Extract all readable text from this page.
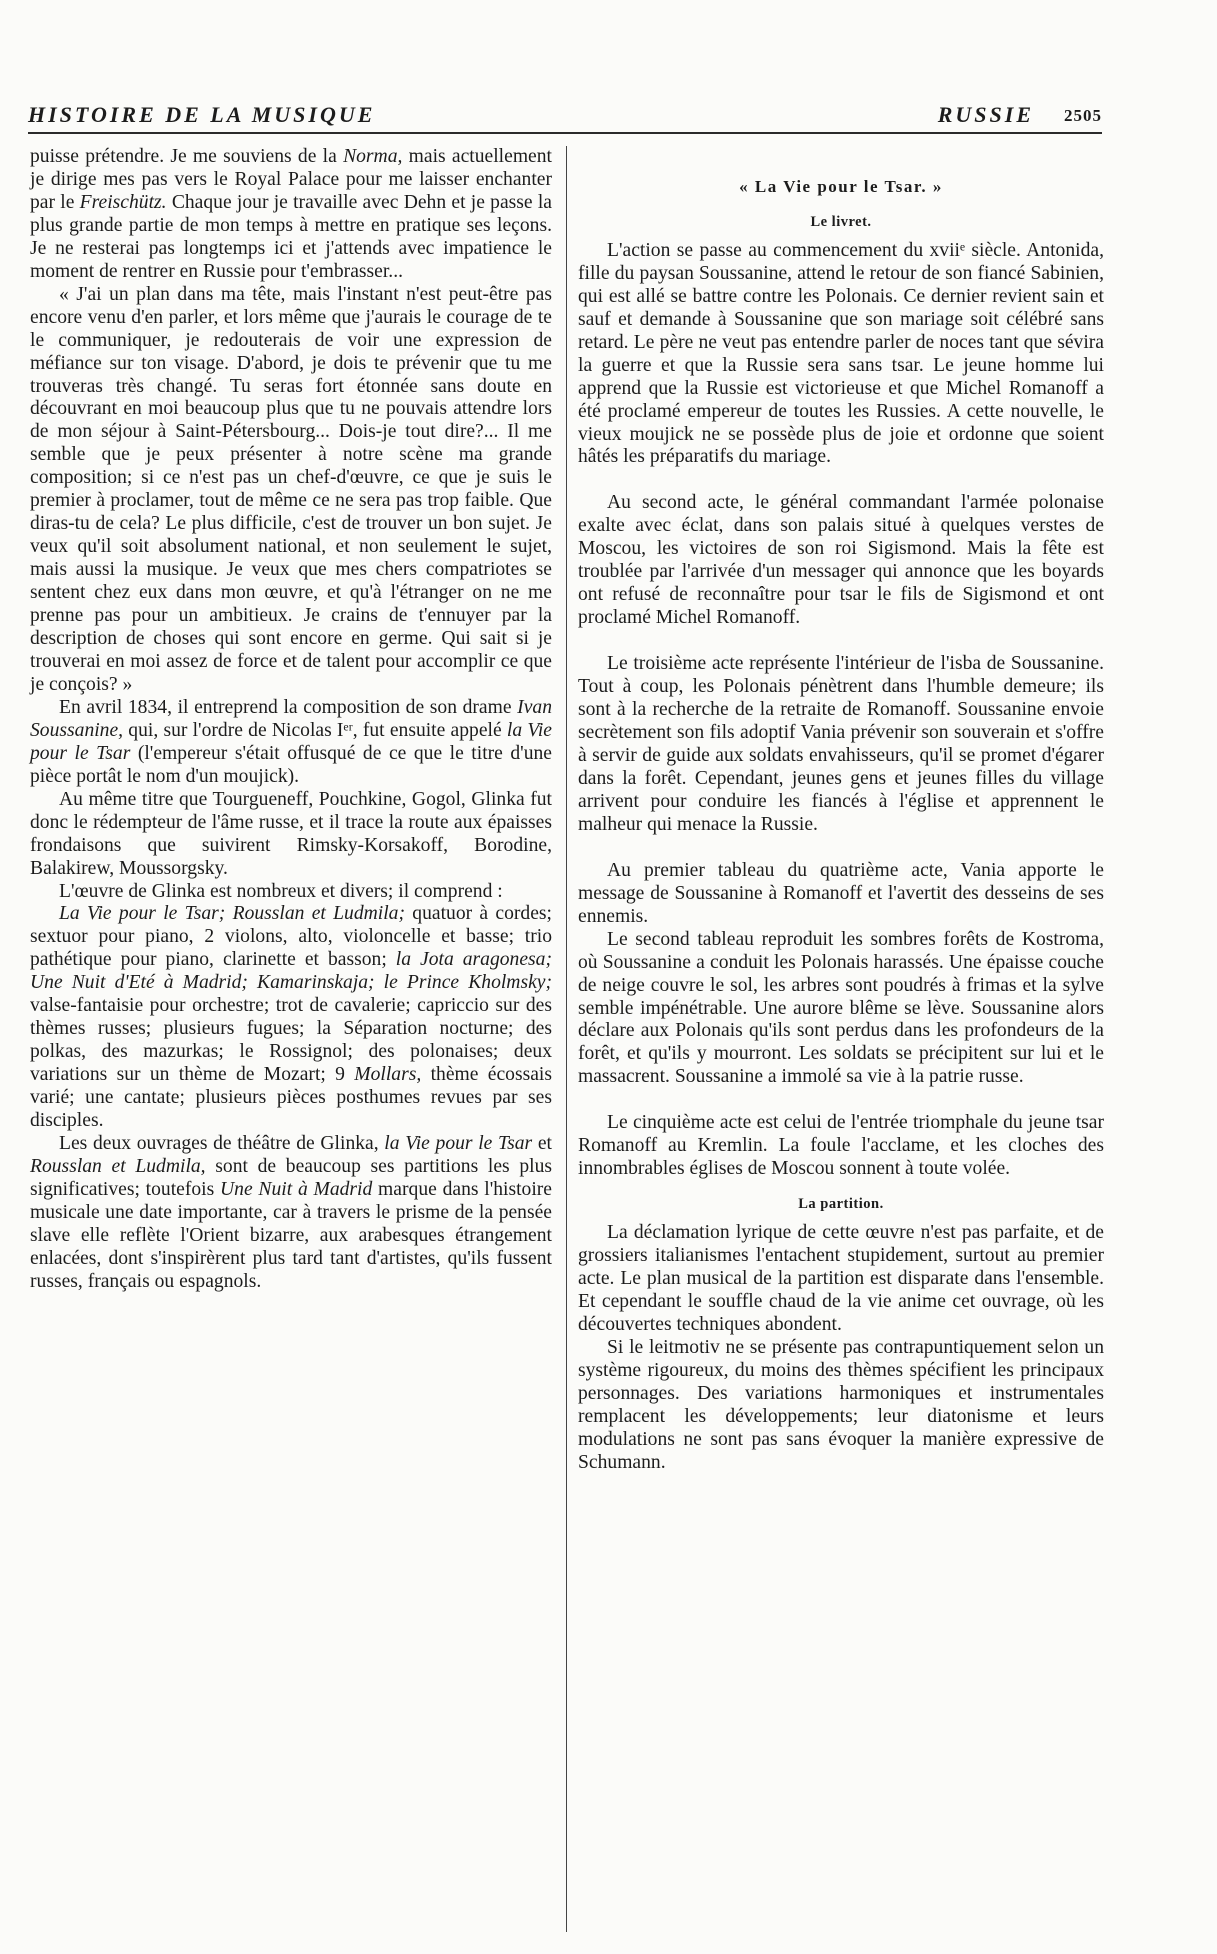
HISTOIRE DE LA MUSIQUE	RUSSIE 2505

puisse prétendre. Je me souviens de la Norma, mais actuellement je dirige mes pas vers le Royal Palace pour me laisser enchanter par le Freischütz. Chaque jour je travaille avec Dehn et je passe la plus grande partie de mon temps à mettre en pratique ses leçons. Je ne resterai pas longtemps ici et j'attends avec impatience le moment de rentrer en Russie pour t'embrasser...

« J'ai un plan dans ma tête, mais l'instant n'est peut-être pas encore venu d'en parler, et lors même que j'aurais le courage de te le communiquer, je redouterais de voir une expression de méfiance sur ton visage. D'abord, je dois te prévenir que tu me trouveras très changé. Tu seras fort étonnée sans doute en découvrant en moi beaucoup plus que tu ne pouvais attendre lors de mon séjour à Saint-Pétersbourg... Dois-je tout dire?... Il me semble que je peux présenter à notre scène ma grande composition; si ce n'est pas un chef-d'œuvre, ce que je suis le premier à proclamer, tout de même ce ne sera pas trop faible. Que diras-tu de cela? Le plus difficile, c'est de trouver un bon sujet. Je veux qu'il soit absolument national, et non seulement le sujet, mais aussi la musique. Je veux que mes chers compatriotes se sentent chez eux dans mon œuvre, et qu'à l'étranger on ne me prenne pas pour un ambitieux. Je crains de t'ennuyer par la description de choses qui sont encore en germe. Qui sait si je trouverai en moi assez de force et de talent pour accomplir ce que je conçois? »

En avril 1834, il entreprend la composition de son drame Ivan Soussanine, qui, sur l'ordre de Nicolas Iᵉʳ, fut ensuite appelé la Vie pour le Tsar (l'empereur s'était offusqué de ce que le titre d'une pièce portât le nom d'un moujick).

Au même titre que Tourgueneff, Pouchkine, Gogol, Glinka fut donc le rédempteur de l'âme russe, et il trace la route aux épaisses frondaisons que suivirent Rimsky-Korsakoff, Borodine, Balakirew, Moussorgsky.

L'œuvre de Glinka est nombreux et divers; il comprend :

La Vie pour le Tsar; Rousslan et Ludmila; quatuor à cordes; sextuor pour piano, 2 violons, alto, violoncelle et basse; trio pathétique pour piano, clarinette et basson; la Jota aragonesa; Une Nuit d'Eté à Madrid; Kamarinskaja; le Prince Kholmsky; valse-fantaisie pour orchestre; trot de cavalerie; capriccio sur des thèmes russes; plusieurs fugues; la Séparation nocturne; des polkas, des mazurkas; le Rossignol; des polonaises; deux variations sur un thème de Mozart; 9 Mollars, thème écossais varié; une cantate; plusieurs pièces posthumes revues par ses disciples.

Les deux ouvrages de théâtre de Glinka, la Vie pour le Tsar et Rousslan et Ludmila, sont de beaucoup ses partitions les plus significatives; toutefois Une Nuit à Madrid marque dans l'histoire musicale une date importante, car à travers le prisme de la pensée slave elle reflète l'Orient bizarre, aux arabesques étrangement enlacées, dont s'inspirèrent plus tard tant d'artistes, qu'ils fussent russes, français ou espagnols.

« La Vie pour le Tsar. »
Le livret.

L'action se passe au commencement du xviiᵉ siècle. Antonida, fille du paysan Soussanine, attend le retour de son fiancé Sabinien, qui est allé se battre contre les Polonais. Ce dernier revient sain et sauf et demande à Soussanine que son mariage soit célébré sans retard. Le père ne veut pas entendre parler de noces tant que sévira la guerre et que la Russie sera sans tsar. Le jeune homme lui apprend que la Russie est victorieuse et que Michel Romanoff a été proclamé empereur de toutes les Russies. A cette nouvelle, le vieux moujick ne se possède plus de joie et ordonne que soient hâtés les préparatifs du mariage.

Au second acte, le général commandant l'armée polonaise exalte avec éclat, dans son palais situé à quelques verstes de Moscou, les victoires de son roi Sigismond. Mais la fête est troublée par l'arrivée d'un messager qui annonce que les boyards ont refusé de reconnaître pour tsar le fils de Sigismond et ont proclamé Michel Romanoff.

Le troisième acte représente l'intérieur de l'isba de Soussanine. Tout à coup, les Polonais pénètrent dans l'humble demeure; ils sont à la recherche de la retraite de Romanoff. Soussanine envoie secrètement son fils adoptif Vania prévenir son souverain et s'offre à servir de guide aux soldats envahisseurs, qu'il se promet d'égarer dans la forêt. Cependant, jeunes gens et jeunes filles du village arrivent pour conduire les fiancés à l'église et apprennent le malheur qui menace la Russie.

Au premier tableau du quatrième acte, Vania apporte le message de Soussanine à Romanoff et l'avertit des desseins de ses ennemis.

Le second tableau reproduit les sombres forêts de Kostroma, où Soussanine a conduit les Polonais harassés. Une épaisse couche de neige couvre le sol, les arbres sont poudrés à frimas et la sylve semble impénétrable. Une aurore blême se lève. Soussanine alors déclare aux Polonais qu'ils sont perdus dans les profondeurs de la forêt, et qu'ils y mourront. Les soldats se précipitent sur lui et le massacrent. Soussanine a immolé sa vie à la patrie russe.

Le cinquième acte est celui de l'entrée triomphale du jeune tsar Romanoff au Kremlin. La foule l'acclame, et les cloches des innombrables églises de Moscou sonnent à toute volée.

La partition.

La déclamation lyrique de cette œuvre n'est pas parfaite, et de grossiers italianismes l'entachent stupidement, surtout au premier acte. Le plan musical de la partition est disparate dans l'ensemble. Et cependant le souffle chaud de la vie anime cet ouvrage, où les découvertes techniques abondent.

Si le leitmotiv ne se présente pas contrapuntiquement selon un système rigoureux, du moins des thèmes spécifient les principaux personnages. Des variations harmoniques et instrumentales remplacent les développements; leur diatonisme et leurs modulations ne sont pas sans évoquer la manière expressive de Schumann.
